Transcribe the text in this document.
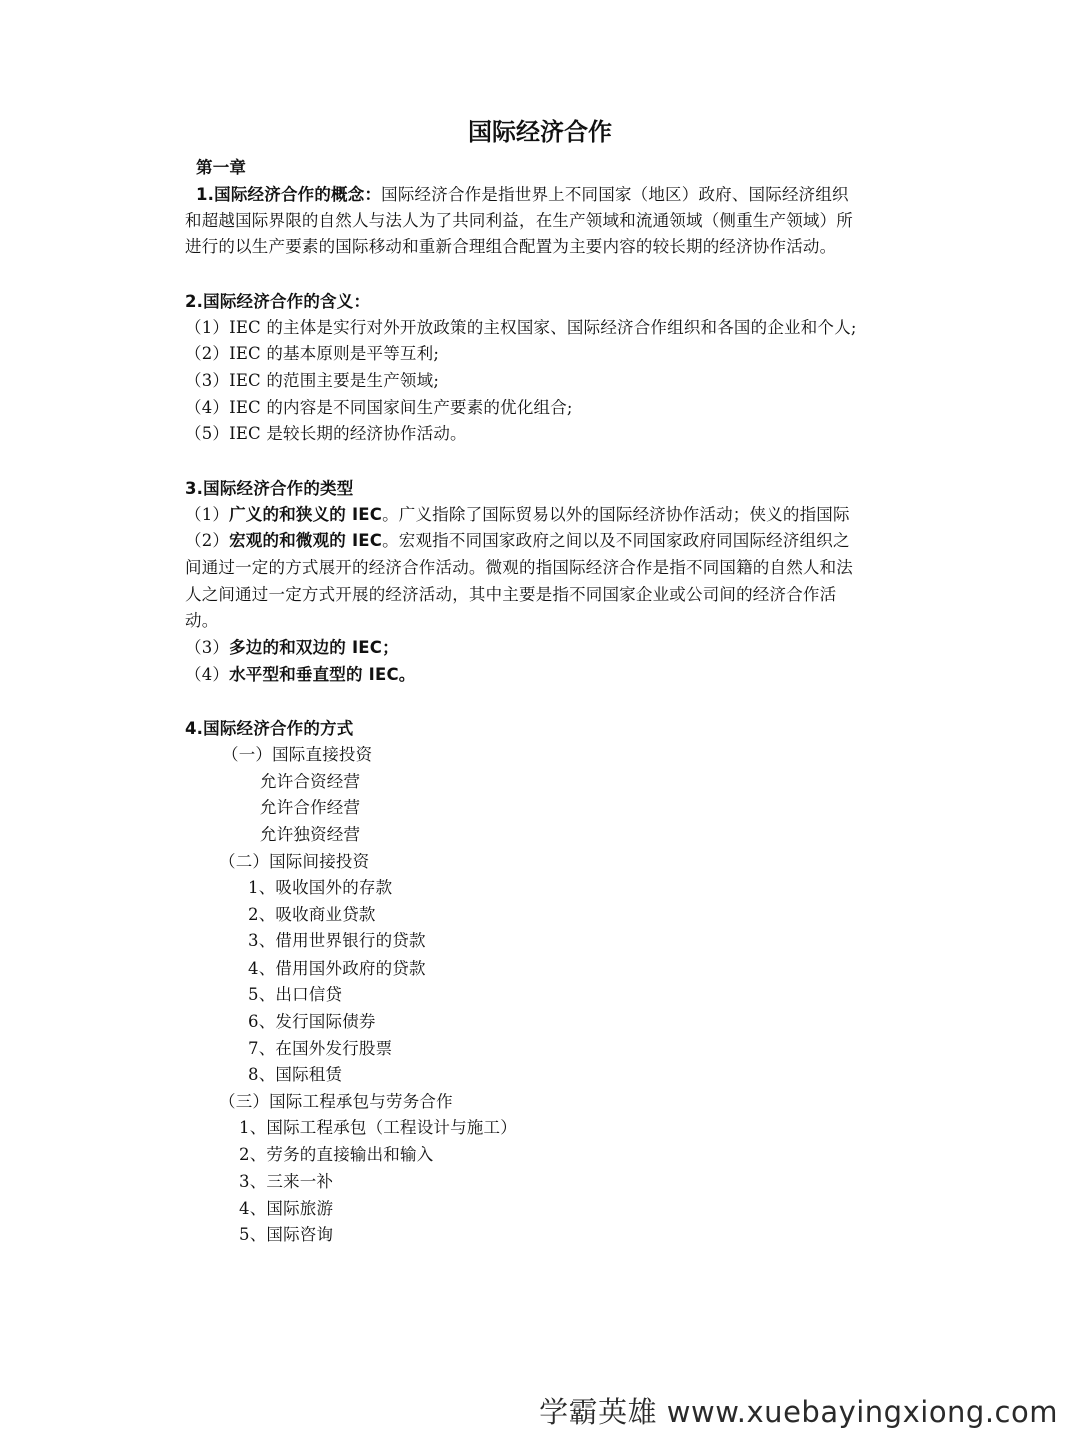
国际经济合作
第一章
1.国际经济合作的概念：国际经济合作是指世界上不同国家（地区）政府、国际经济组织
和超越国际界限的自然人与法人为了共同利益，在生产领域和流通领域（侧重生产领域）所
进行的以生产要素的国际移动和重新合理组合配置为主要内容的较长期的经济协作活动。
2.国际经济合作的含义：
（1）IEC 的主体是实行对外开放政策的主权国家、国际经济合作组织和各国的企业和个人;
（2）IEC 的基本原则是平等互利;
（3）IEC 的范围主要是生产领域;
（4）IEC 的内容是不同国家间生产要素的优化组合;
（5）IEC 是较长期的经济协作活动。
3.国际经济合作的类型
（1）广义的和狭义的 IEC。广义指除了国际贸易以外的国际经济协作活动；侠义的指国际
（2）宏观的和微观的 IEC。宏观指不同国家政府之间以及不同国家政府同国际经济组织之
间通过一定的方式展开的经济合作活动。微观的指国际经济合作是指不同国籍的自然人和法
人之间通过一定方式开展的经济活动，其中主要是指不同国家企业或公司间的经济合作活
动。
（3）多边的和双边的 IEC；
（4）水平型和垂直型的 IEC。
4.国际经济合作的方式
（一）国际直接投资
允许合资经营
允许合作经营
允许独资经营
（二）国际间接投资
1、吸收国外的存款
2、吸收商业贷款
3、借用世界银行的贷款
4、借用国外政府的贷款
5、出口信贷
6、发行国际债券
7、在国外发行股票
8、国际租赁
（三）国际工程承包与劳务合作
1、国际工程承包（工程设计与施工）
2、劳务的直接输出和输入
3、三来一补
4、国际旅游
5、国际咨询
学霸英雄 www.xuebayingxiong.com
